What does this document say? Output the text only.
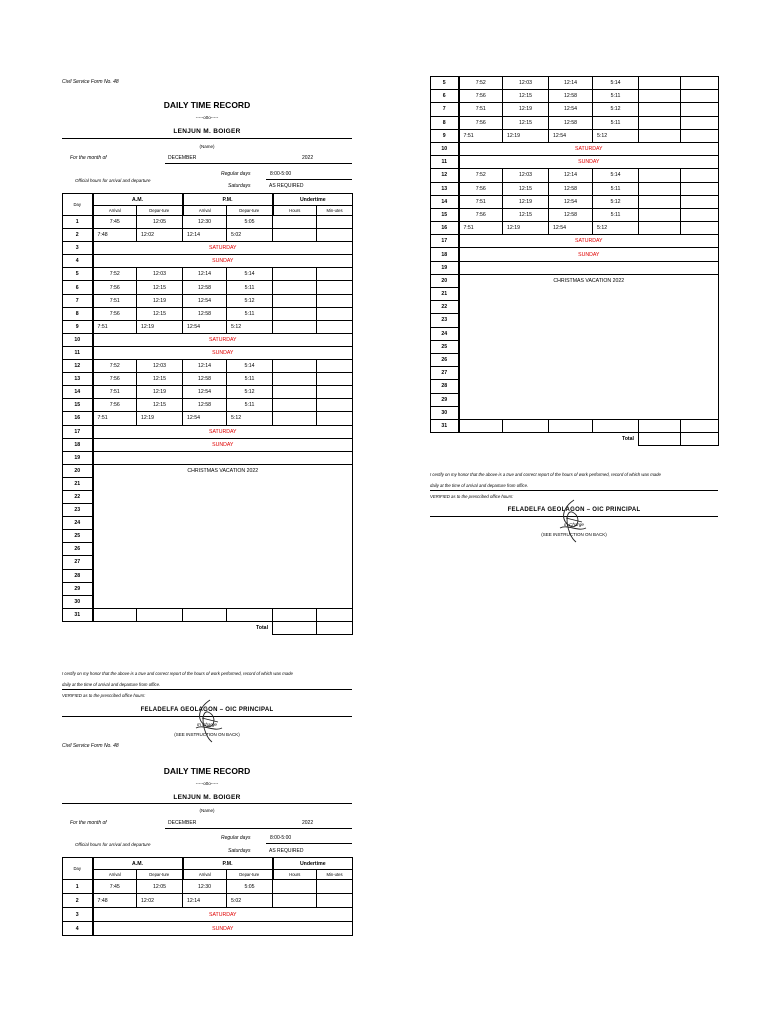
Civil Service Form No. 48
DAILY TIME RECORD
-----o0o-----
LENJUN M. BOIGER
(Name)
For the month of	DECEMBER	2022
Regular days	8:00-5:00
Official hours for arrival and departure
Saturdays	AS REQUIRED
Day	A.M.		P.M.		Undertime	
	Arrival	Depar-ture	Arrival	Depar-ture	Hours	Min-utes
1	7:45	12:05	12:30	5:05		
2	7:48	12:02	12:14	5:02		
3	SATURDAY					
4	SUNDAY					
5	7:52	12:03	12:14	5:14		
6	7:56	12:15	12:58	5:11		
7	7:51	12:19	12:54	5:12		
8	7:56	12:15	12:58	5:11		
9	7:51	12:19	12:54	5:12		
10	SATURDAY					
11	SUNDAY					
12	7:52	12:03	12:14	5:14		
13	7:56	12:15	12:58	5:11		
14	7:51	12:19	12:54	5:12		
15	7:56	12:15	12:58	5:11		
16	7:51	12:19	12:54	5:12		
17	SATURDAY					
18	SUNDAY					
19						
20	CHRISTMAS VACATION 2022					
21						
22						
23						
24						
25						
26						
27						
28						
29						
30						
31						
Total						
I certify on my honor that the above is a true and correct report of the hours of work performed, record of which was made
daily at the time of arrival and departure from office.
VERIFIED as to the prescribed office hours:
FELADELFA GEOLAGON – OIC PRINCIPAL
In Charge
(SEE INSTRUCTION ON BACK)
Civil Service Form No. 48
DAILY TIME RECORD
-----o0o-----
LENJUN M. BOIGER
(Name)
For the month of	DECEMBER	2022
Regular days	8:00-5:00
Official hours for arrival and departure
Saturdays	AS REQUIRED
Day	A.M.		P.M.		Undertime	
	Arrival	Depar-ture	Arrival	Depar-ture	Hours	Min-utes
1	7:45	12:05	12:30	5:05		
2	7:48	12:02	12:14	5:02		
3	SATURDAY					
4	SUNDAY					
5	7:52	12:03	12:14	5:14		
6	7:56	12:15	12:58	5:11		
7	7:51	12:19	12:54	5:12		
8	7:56	12:15	12:58	5:11		
9	7:51	12:19	12:54	5:12		
10	SATURDAY					
11	SUNDAY					
12	7:52	12:03	12:14	5:14		
13	7:56	12:15	12:58	5:11		
14	7:51	12:19	12:54	5:12		
15	7:56	12:15	12:58	5:11		
16	7:51	12:19	12:54	5:12		
17	SATURDAY					
18	SUNDAY					
19						
20	CHRISTMAS VACATION 2022					
21						
22						
23						
24						
25						
26						
27						
28						
29						
30						
31						
Total						
I certify on my honor that the above is a true and correct report of the hours of work performed, record of which was made
daily at the time of arrival and departure from office.
VERIFIED as to the prescribed office hours:
FELADELFA GEOLAGON – OIC PRINCIPAL
In Charge
(SEE INSTRUCTION ON BACK)
